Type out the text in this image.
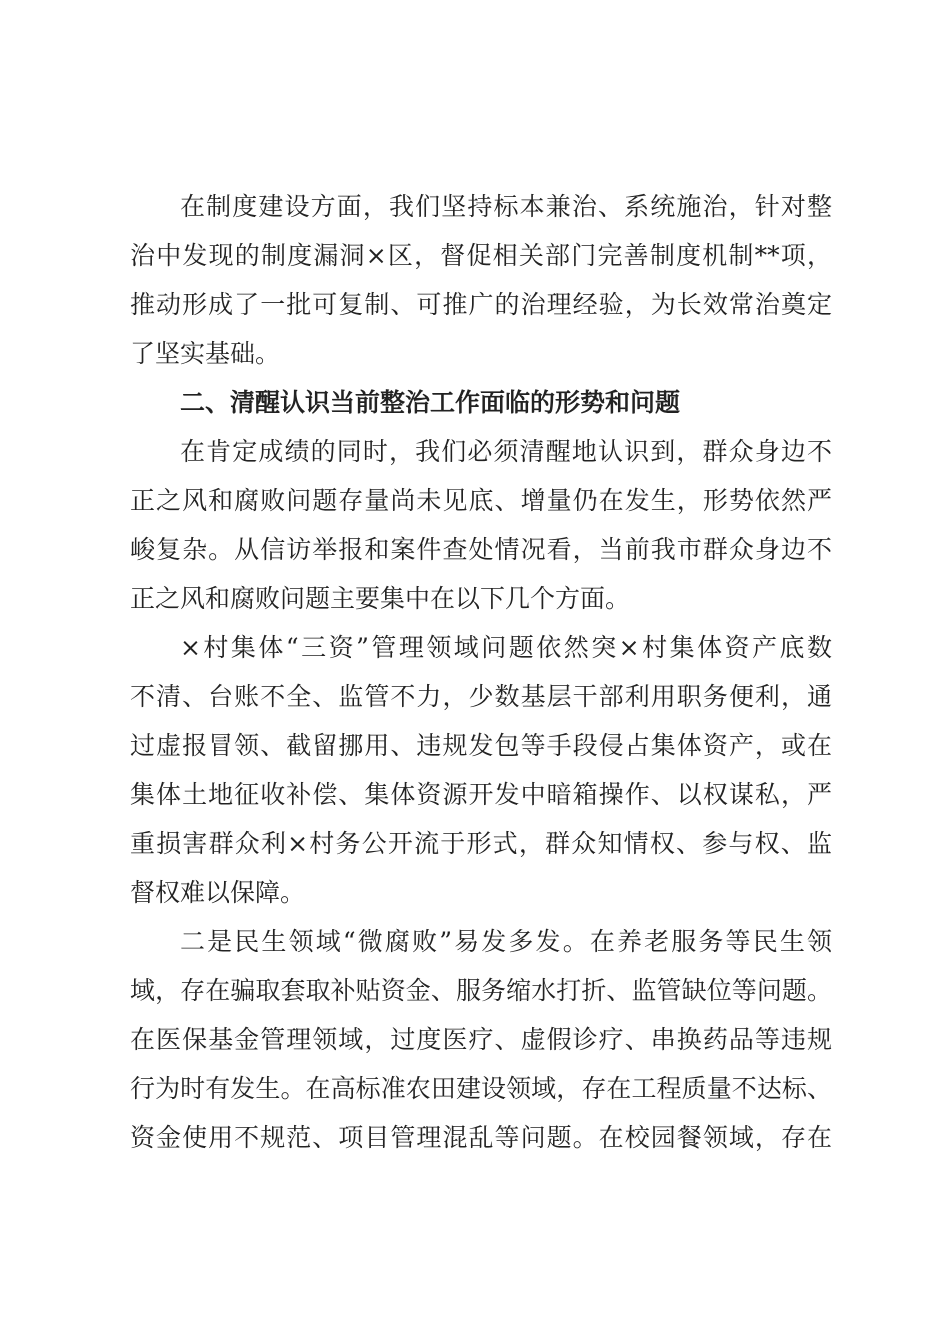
在制度建设方面，我们坚持标本兼治、系统施治，针对整
治中发现的制度漏洞×区，督促相关部门完善制度机制**项，
推动形成了一批可复制、可推广的治理经验，为长效常治奠定
了坚实基础。

二、清醒认识当前整治工作面临的形势和问题

在肯定成绩的同时，我们必须清醒地认识到，群众身边不
正之风和腐败问题存量尚未见底、增量仍在发生，形势依然严
峻复杂。从信访举报和案件查处情况看，当前我市群众身边不
正之风和腐败问题主要集中在以下几个方面。

×村集体“三资”管理领域问题依然突×村集体资产底数
不清、台账不全、监管不力，少数基层干部利用职务便利，通
过虚报冒领、截留挪用、违规发包等手段侵占集体资产，或在
集体土地征收补偿、集体资源开发中暗箱操作、以权谋私，严
重损害群众利×村务公开流于形式，群众知情权、参与权、监
督权难以保障。

二是民生领域“微腐败”易发多发。在养老服务等民生领
域，存在骗取套取补贴资金、服务缩水打折、监管缺位等问题。
在医保基金管理领域，过度医疗、虚假诊疗、串换药品等违规
行为时有发生。在高标准农田建设领域，存在工程质量不达标、
资金使用不规范、项目管理混乱等问题。在校园餐领域，存在
